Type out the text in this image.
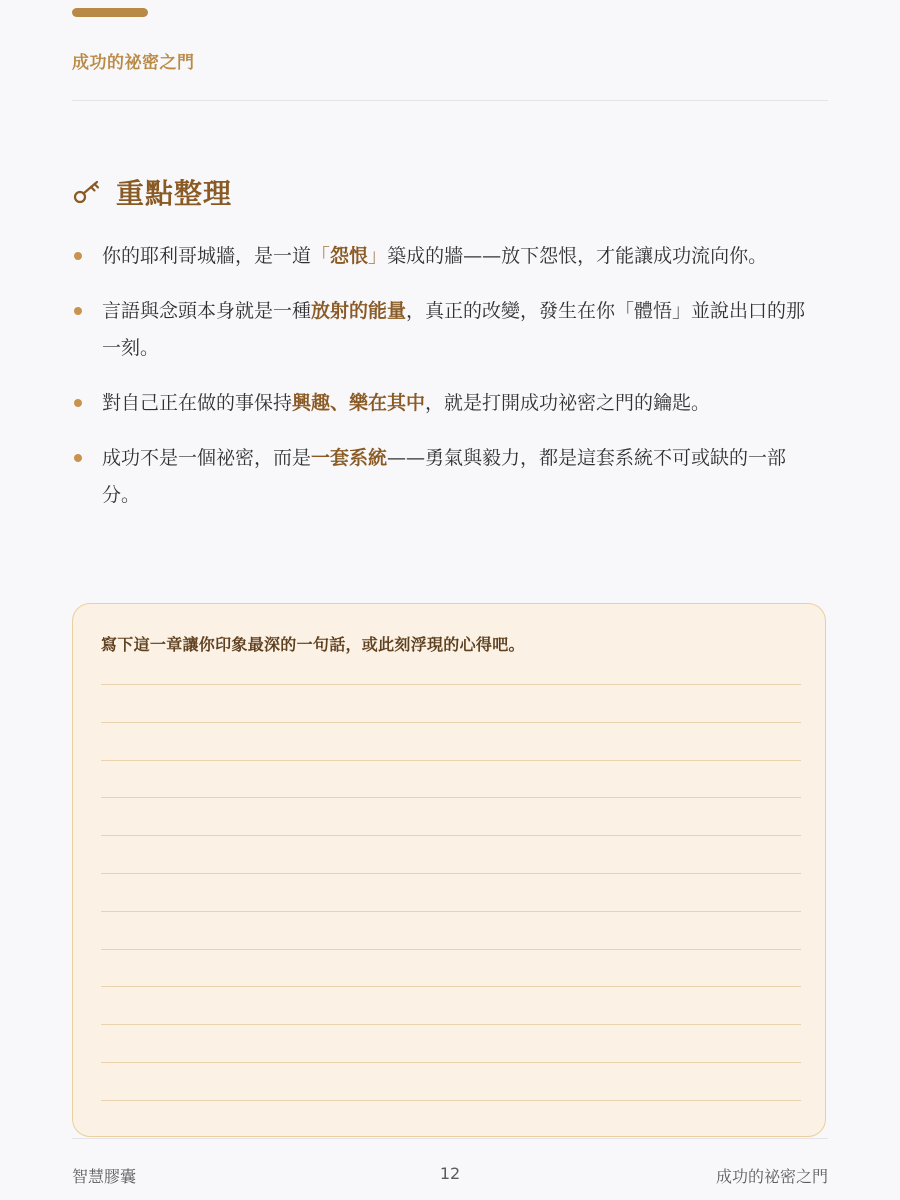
成功的祕密之門
重點整理
你的耶利哥城牆，是一道「怨恨」築成的牆——放下怨恨，才能讓成功流向你。
言語與念頭本身就是一種放射的能量，真正的改變，發生在你「體悟」並說出口的那一刻。
對自己正在做的事保持興趣、樂在其中，就是打開成功祕密之門的鑰匙。
成功不是一個祕密，而是一套系統——勇氣與毅力，都是這套系統不可或缺的一部分。
寫下這一章讓你印象最深的一句話，或此刻浮現的心得吧。
智慧膠囊	12	成功的祕密之門
